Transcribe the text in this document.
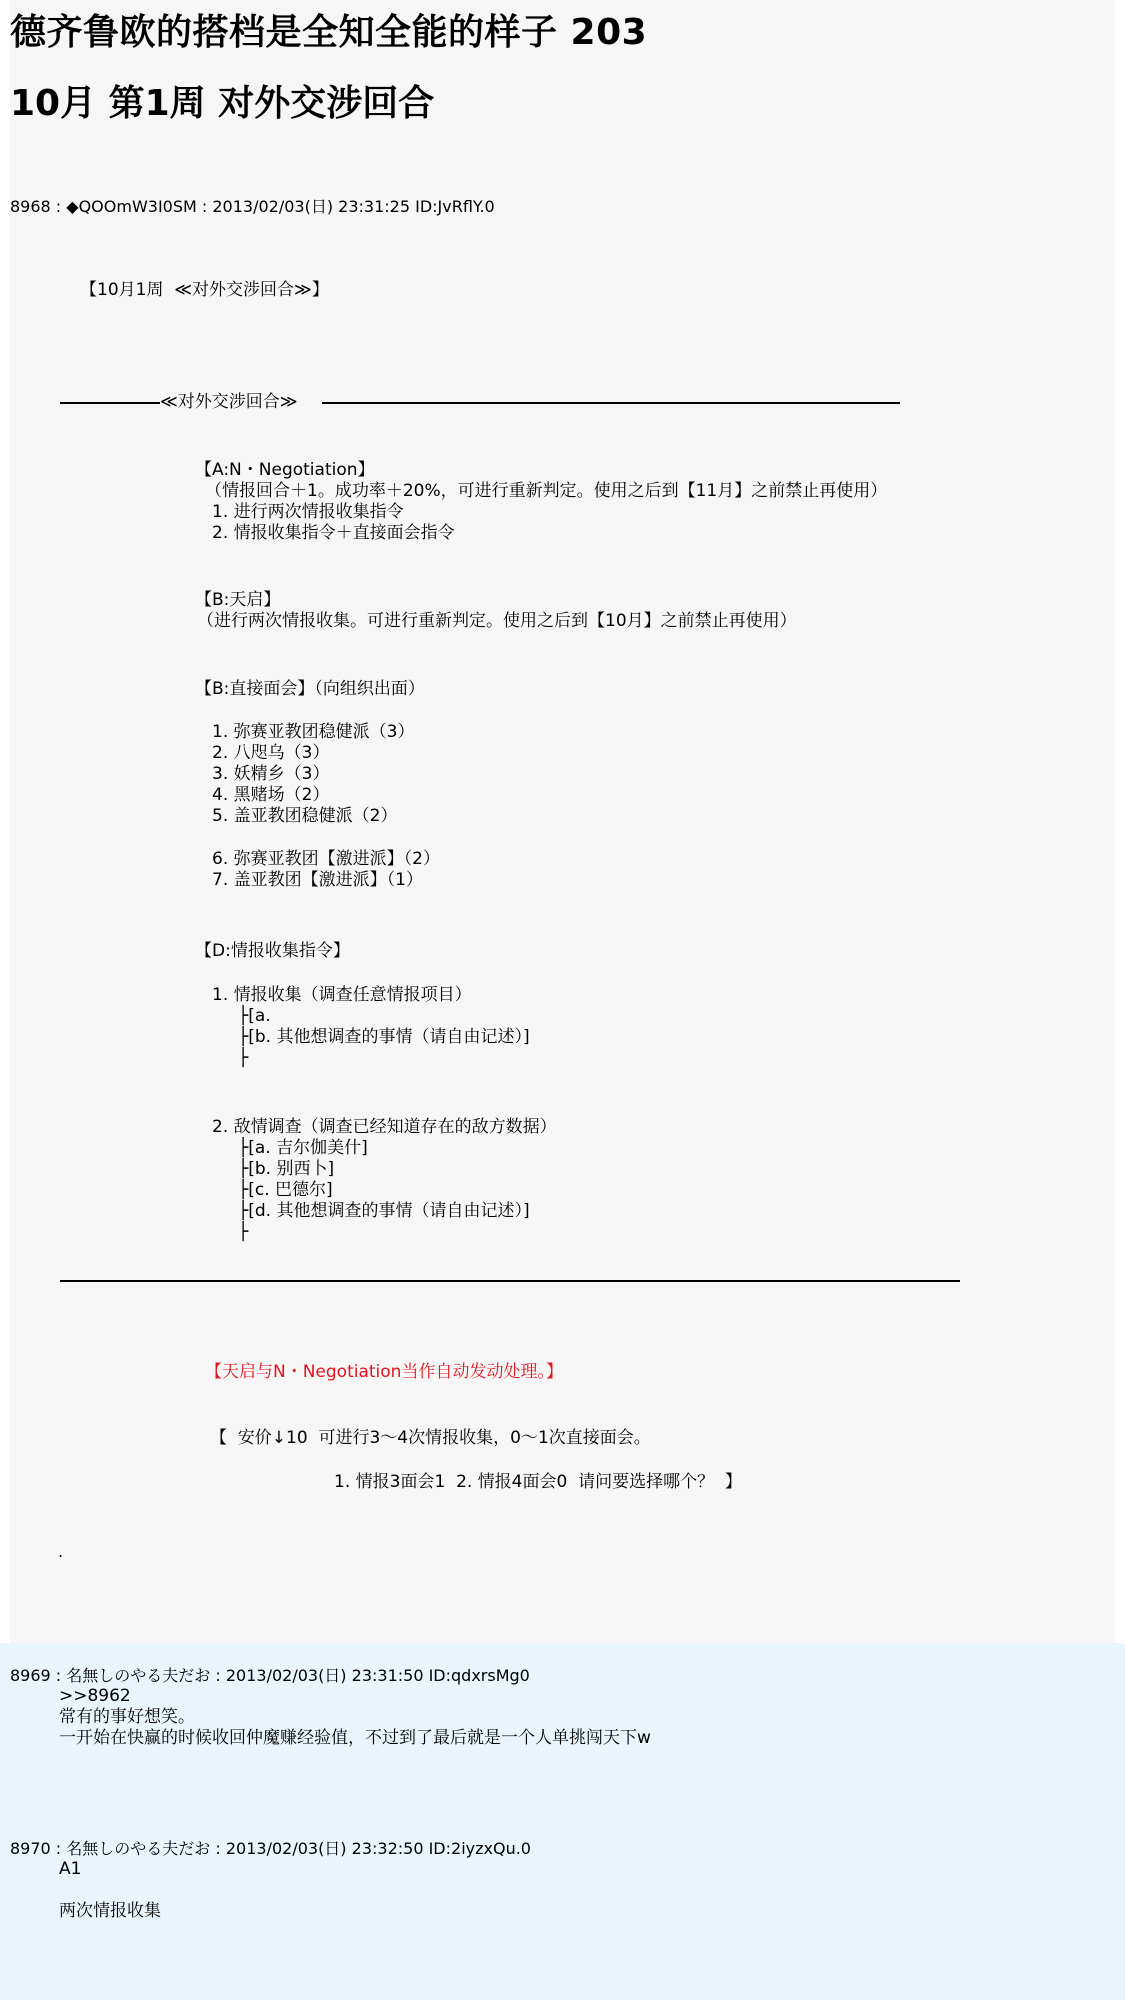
德齐鲁欧的搭档是全知全能的样子 203
10月 第1周 对外交涉回合
8968 : ◆QOOmW3I0SM : 2013/02/03(日) 23:31:25 ID:JvRflY.0
【10月1周  ≪对外交涉回合≫】
≪对外交涉回合≫
【A:N・Negotiation】
（情报回合＋1。成功率＋20%，可进行重新判定。使用之后到【11月】之前禁止再使用）
1. 进行两次情报收集指令
2. 情报收集指令＋直接面会指令
【B:天启】
（进行两次情报收集。可进行重新判定。使用之后到【10月】之前禁止再使用）
【B:直接面会】（向组织出面）
1. 弥赛亚教团稳健派（3）
2. 八咫乌（3）
3. 妖精乡（3）
4. 黑赌场（2）
5. 盖亚教团稳健派（2）
6. 弥赛亚教团【激进派】（2）
7. 盖亚教团【激进派】（1）
【D:情报收集指令】
1. 情报收集（调查任意情报项目）
├[a.
├[b. 其他想调查的事情（请自由记述）]
├
2. 敌情调查（调查已经知道存在的敌方数据）
├[a. 吉尔伽美什]
├[b. 别西卜]
├[c. 巴德尔]
├[d. 其他想调查的事情（请自由记述）]
├
【天启与N・Negotiation当作自动发动处理。】
【  安价↓10  可进行3～4次情报收集，0～1次直接面会。
1. 情报3面会1  2. 情报4面会0  请问要选择哪个？  】
.
8969 : 名無しのやる夫だお : 2013/02/03(日) 23:31:50 ID:qdxrsMg0
>>8962
常有的事好想笑。
一开始在快赢的时候收回仲魔赚经验值，不过到了最后就是一个人单挑闯天下w
8970 : 名無しのやる夫だお : 2013/02/03(日) 23:32:50 ID:2iyzxQu.0
A1
两次情报收集
